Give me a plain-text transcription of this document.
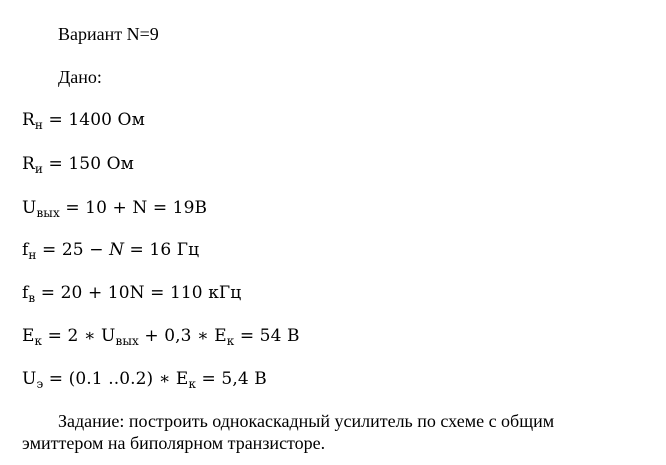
Вариант N=9
Дано:
$R_н = 1400$ Ом
$R_и = 150$ Ом
$U_{вых} = 10 + N = 19В$
$f_н = 25 - N = 16$ Гц
$f_в = 20 + 10N = 110$ кГц
$E_к = 2$ ∗ $U_{вых} + 0,3$ ∗ $E_к = 54$ В
$U_э = (0.1$ ..0.2) ∗ $E_к = 5,4$ В
Задание: построить однокаскадный усилитель по схеме с общим
эмиттером на биполярном транзисторе.
